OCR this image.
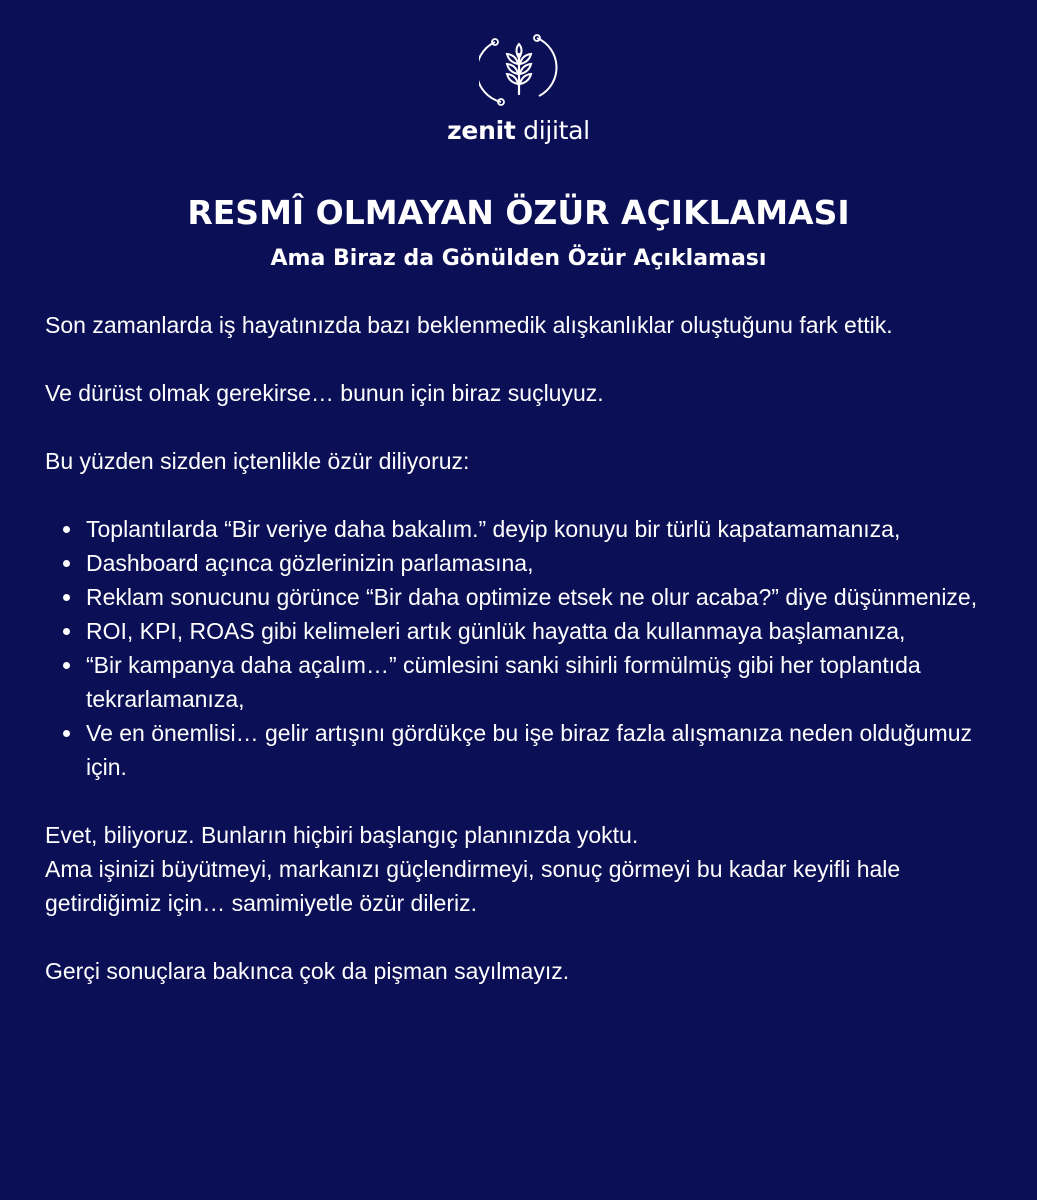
zenit dijital
RESMÎ OLMAYAN ÖZÜR AÇIKLAMASI
Ama Biraz da Gönülden Özür Açıklaması

Son zamanlarda iş hayatınızda bazı beklenmedik alışkanlıklar oluştuğunu fark ettik.

Ve dürüst olmak gerekirse… bunun için biraz suçluyuz.

Bu yüzden sizden içtenlikle özür diliyoruz:

Toplantılarda “Bir veriye daha bakalım.” deyip konuyu bir türlü kapatamamanıza,
Dashboard açınca gözlerinizin parlamasına,
Reklam sonucunu görünce “Bir daha optimize etsek ne olur acaba?” diye düşünmenize,
ROI, KPI, ROAS gibi kelimeleri artık günlük hayatta da kullanmaya başlamanıza,
“Bir kampanya daha açalım…” cümlesini sanki sihirli formülmüş gibi her toplantıda tekrarlamanıza,
Ve en önemlisi… gelir artışını gördükçe bu işe biraz fazla alışmanıza neden olduğumuz için.

Evet, biliyoruz. Bunların hiçbiri başlangıç planınızda yoktu.

Ama işinizi büyütmeyi, markanızı güçlendirmeyi, sonuç görmeyi bu kadar keyifli hale getirdiğimiz için… samimiyetle özür dileriz.

Gerçi sonuçlara bakınca çok da pişman sayılmayız.
